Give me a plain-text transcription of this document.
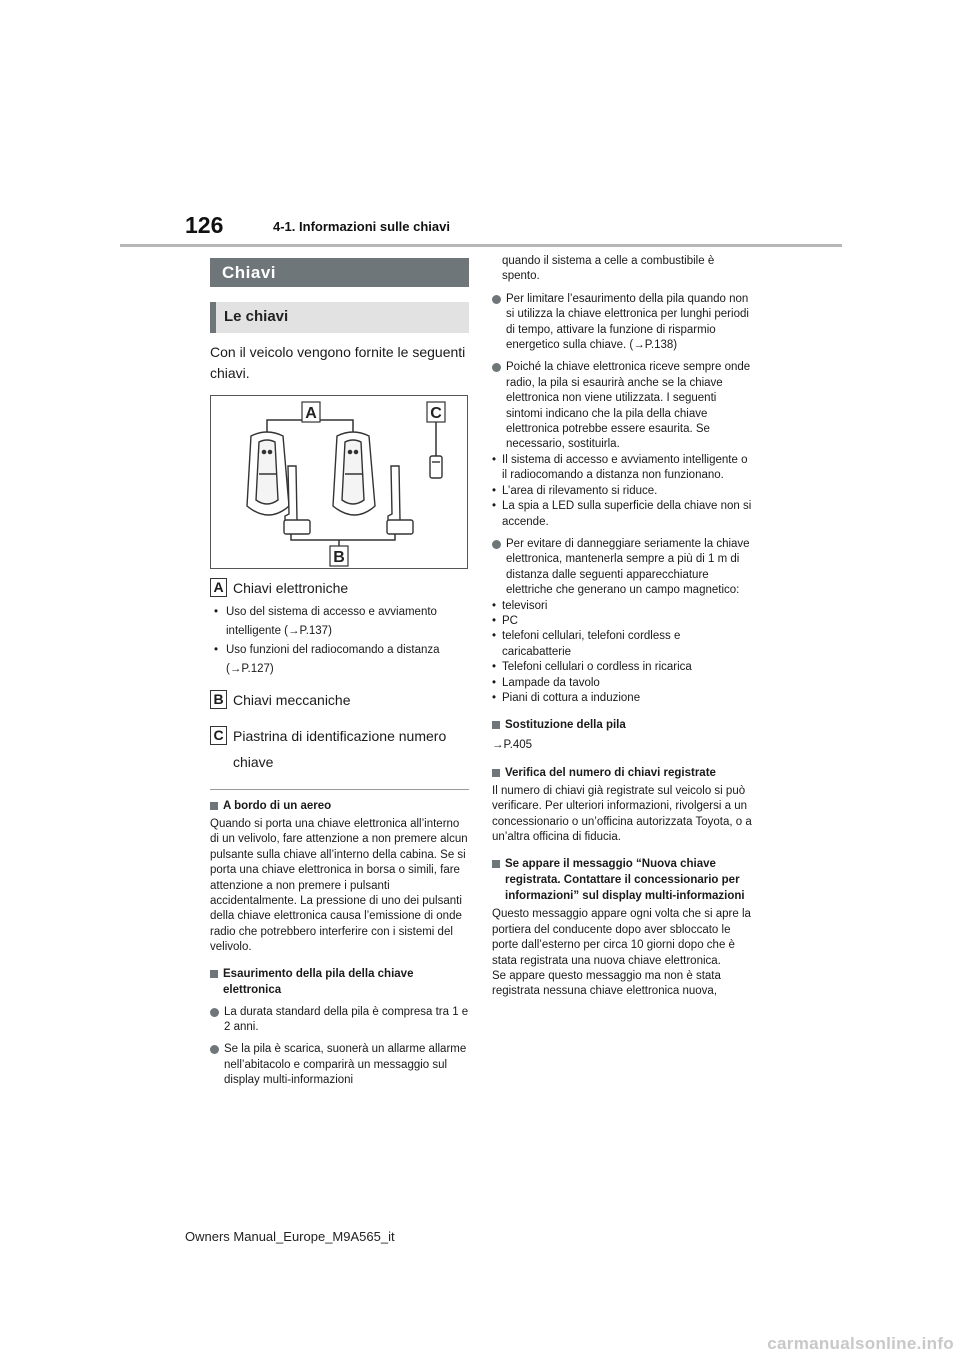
126	4-1. Informazioni sulle chiavi
Chiavi
Le chiavi
Con il veicolo vengono fornite le seguenti chiavi.
A	C
B
A Chiavi elettroniche
• Uso del sistema di accesso e avviamento
intelligente (→P.137)
• Uso funzioni del radiocomando a distanza
(→P.127)
B Chiavi meccaniche
C Piastrina di identificazione numero
chiave
A bordo di un aereo
Quando si porta una chiave elettronica all’interno di un velivolo, fare attenzione a non premere alcun pulsante sulla chiave all’interno della cabina. Se si porta una chiave elettronica in borsa o simili, fare attenzione a non premere i pulsanti accidentalmente. La pressione di uno dei pulsanti della chiave elettronica causa l’emissione di onde radio che potrebbero interferire con i sistemi del velivolo.
Esaurimento della pila della chiave elettronica
La durata standard della pila è compresa tra 1 e 2 anni.
Se la pila è scarica, suonerà un allarme allarme nell’abitacolo e comparirà un messaggio sul display multi-informazioni
quando il sistema a celle a combustibile è spento.
Per limitare l’esaurimento della pila quando non si utilizza la chiave elettronica per lunghi periodi di tempo, attivare la funzione di risparmio energetico sulla chiave. (→P.138)
Poiché la chiave elettronica riceve sempre onde radio, la pila si esaurirà anche se la chiave elettronica non viene utilizzata. I seguenti sintomi indicano che la pila della chiave elettronica potrebbe essere esaurita. Se necessario, sostituirla.
• Il sistema di accesso e avviamento intelligente o il radiocomando a distanza non funzionano.
• L’area di rilevamento si riduce.
• La spia a LED sulla superficie della chiave non si accende.
Per evitare di danneggiare seriamente la chiave elettronica, mantenerla sempre a più di 1 m di distanza dalle seguenti apparecchiature elettriche che generano un campo magnetico:
• televisori
• PC
• telefoni cellulari, telefoni cordless e caricabatterie
• Telefoni cellulari o cordless in ricarica
• Lampade da tavolo
• Piani di cottura a induzione
Sostituzione della pila
→P.405
Verifica del numero di chiavi registrate
Il numero di chiavi già registrate sul veicolo si può verificare. Per ulteriori informazioni, rivolgersi a un concessionario o un’officina autorizzata Toyota, o a un’altra officina di fiducia.
Se appare il messaggio “Nuova chiave registrata. Contattare il concessionario per informazioni” sul display multi-informazioni
Questo messaggio appare ogni volta che si apre la portiera del conducente dopo aver sbloccato le porte dall’esterno per circa 10 giorni dopo che è stata registrata una nuova chiave elettronica.
Se appare questo messaggio ma non è stata registrata nessuna chiave elettronica nuova,
Owners Manual_Europe_M9A565_it
carmanualsonline.info
